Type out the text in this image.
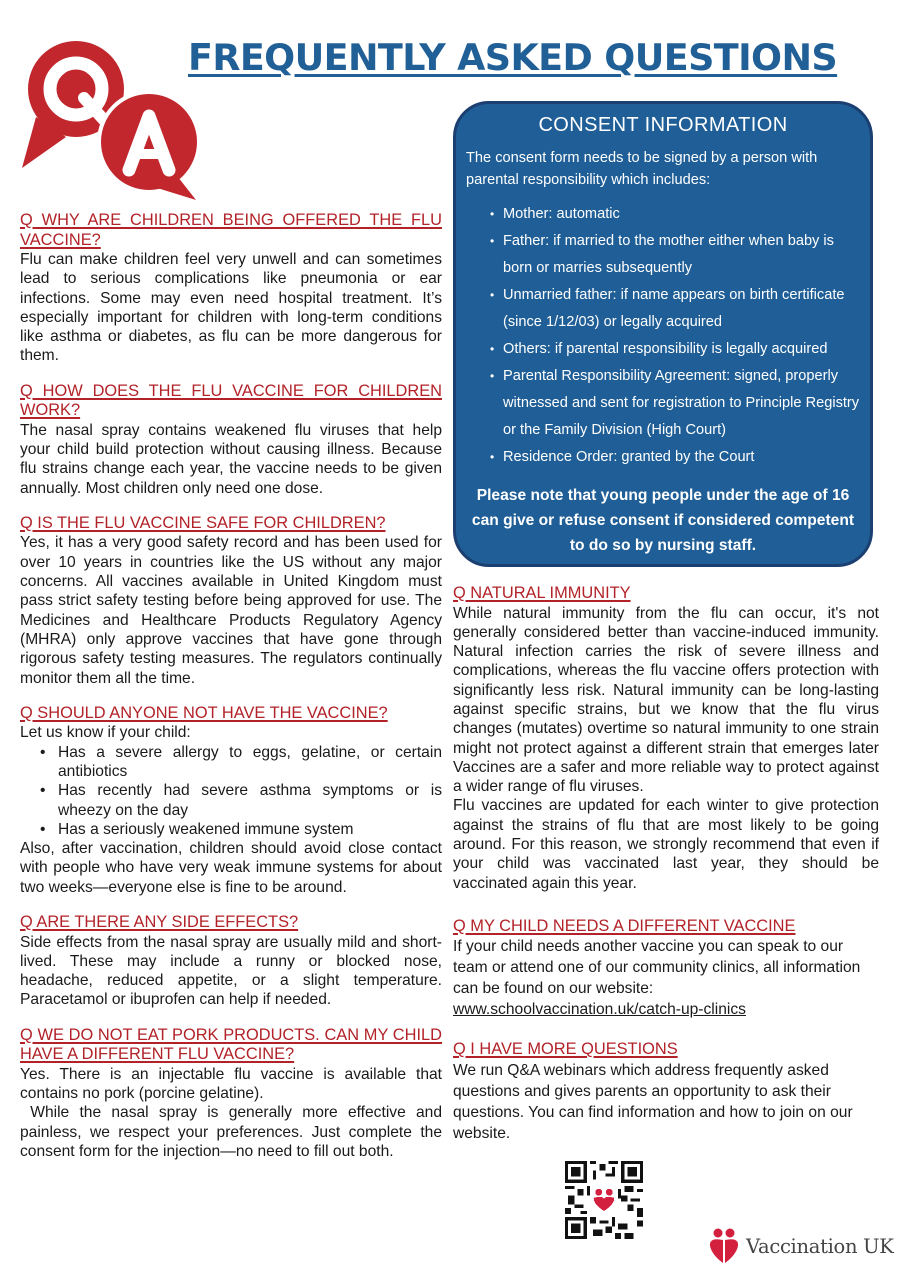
FREQUENTLY ASKED QUESTIONS
CONSENT INFORMATION

The consent form needs to be signed by a person with parental responsibility which includes:

• Mother: automatic
• Father: if married to the mother either when baby is born or marries subsequently
• Unmarried father: if name appears on birth certificate (since 1/12/03) or legally acquired
• Others: if parental responsibility is legally acquired
• Parental Responsibility Agreement: signed, properly witnessed and sent for registration to Principle Registry or the Family Division (High Court)
• Residence Order: granted by the Court

Please note that young people under the age of 16 can give or refuse consent if considered competent to do so by nursing staff.

Q WHY ARE CHILDREN BEING OFFERED THE FLU VACCINE?

Flu can make children feel very unwell and can sometimes lead to serious complications like pneumonia or ear infections. Some may even need hospital treatment. It’s especially important for children with long-term conditions like asthma or diabetes, as flu can be more dangerous for them.

Q HOW DOES THE FLU VACCINE FOR CHILDREN WORK?

The nasal spray contains weakened flu viruses that help your child build protection without causing illness. Because flu strains change each year, the vaccine needs to be given annually. Most children only need one dose.

Q IS THE FLU VACCINE SAFE FOR CHILDREN?

Yes, it has a very good safety record and has been used for over 10 years in countries like the US without any major concerns. All vaccines available in United Kingdom must pass strict safety testing before being approved for use. The Medicines and Healthcare Products Regulatory Agency (MHRA) only approve vaccines that have gone through rigorous safety testing measures. The regulators continually monitor them all the time.

Q SHOULD ANYONE NOT HAVE THE VACCINE?

Let us know if your child:

• Has a severe allergy to eggs, gelatine, or certain antibiotics
• Has recently had severe asthma symptoms or is wheezy on the day
• Has a seriously weakened immune system

Also, after vaccination, children should avoid close contact with people who have very weak immune systems for about two weeks—everyone else is fine to be around.

Q ARE THERE ANY SIDE EFFECTS?

Side effects from the nasal spray are usually mild and short-lived. These may include a runny or blocked nose, headache, reduced appetite, or a slight temperature. Paracetamol or ibuprofen can help if needed.

Q WE DO NOT EAT PORK PRODUCTS. CAN MY CHILD HAVE A DIFFERENT FLU VACCINE?

Yes. There is an injectable flu vaccine is available that contains no pork (porcine gelatine).

While the nasal spray is generally more effective and painless, we respect your preferences. Just complete the consent form for the injection—no need to fill out both.

Q NATURAL IMMUNITY

While natural immunity from the flu can occur, it's not generally considered better than vaccine-induced immunity. Natural infection carries the risk of severe illness and complications, whereas the flu vaccine offers protection with significantly less risk. Natural immunity can be long-lasting against specific strains, but we know that the flu virus changes (mutates) overtime so natural immunity to one strain might not protect against a different strain that emerges later Vaccines are a safer and more reliable way to protect against a wider range of flu viruses.

Flu vaccines are updated for each winter to give protection against the strains of flu that are most likely to be going around. For this reason, we strongly recommend that even if your child was vaccinated last year, they should be vaccinated again this year.

Q MY CHILD NEEDS A DIFFERENT VACCINE

If your child needs another vaccine you can speak to our team or attend one of our community clinics, all information can be found on our website:

www.schoolvaccination.uk/catch-up-clinics
Q I HAVE MORE QUESTIONS

We run Q&A webinars which address frequently asked questions and gives parents an opportunity to ask their questions. You can find information and how to join on our website.

Vaccination UK
